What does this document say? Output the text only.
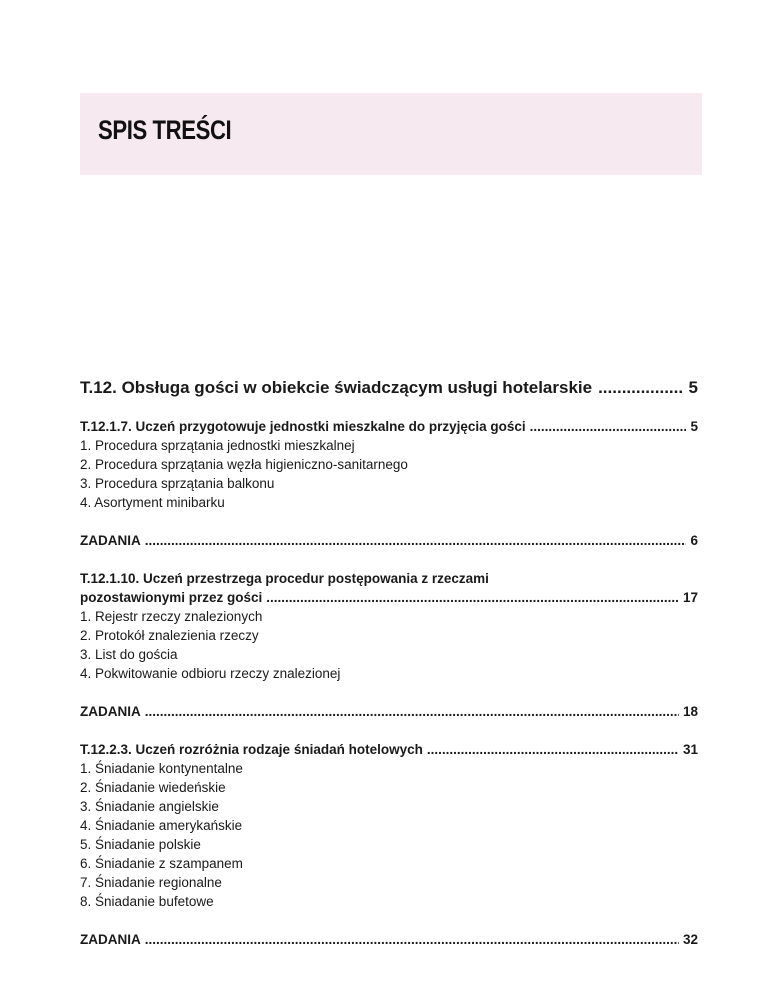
SPIS TREŚCI
T.12. Obsługa gości w obiekcie świadczącym usługi hotelarskie .....	5
T.12.1.7. Uczeń przygotowuje jednostki mieszkalne do przyjęcia gości .....	5
1. Procedura sprzątania jednostki mieszkalnej
2. Procedura sprzątania węzła higieniczno-sanitarnego
3. Procedura sprzątania balkonu
4. Asortyment minibarku
ZADANIA .....	6
T.12.1.10. Uczeń przestrzega procedur postępowania z rzeczami
pozostawionymi przez gości .....	17
1. Rejestr rzeczy znalezionych
2. Protokół znalezienia rzeczy
3. List do gościa
4. Pokwitowanie odbioru rzeczy znalezionej
ZADANIA .....	18
T.12.2.3. Uczeń rozróżnia rodzaje śniadań hotelowych .....	31
1. Śniadanie kontynentalne
2. Śniadanie wiedeńskie
3. Śniadanie angielskie
4. Śniadanie amerykańskie
5. Śniadanie polskie
6. Śniadanie z szampanem
7. Śniadanie regionalne
8. Śniadanie bufetowe
ZADANIA .....	32
